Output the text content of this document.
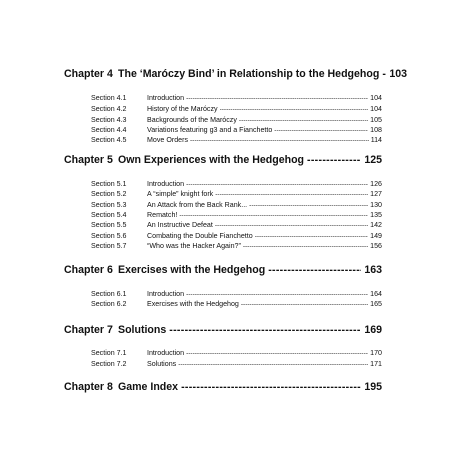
Chapter 4 The ‘Maróczy Bind’ in Relationship to the Hedgehog ----- 103
Section 4.1	Introduction -----	104
Section 4.2	History of the Maróczy -----	104
Section 4.3	Backgrounds of the Maróczy -----	105
Section 4.4	Variations featuring g3 and a Fianchetto -----	108
Section 4.5	Move Orders -----	114
Chapter 5 Own Experiences with the Hedgehog -----	125
Section 5.1	Introduction -----	126
Section 5.2	A “simple” knight fork -----	127
Section 5.3	An Attack from the Back Rank... -----	130
Section 5.4	Rematch! -----	135
Section 5.5	An Instructive Defeat -----	142
Section 5.6	Combating the Double Fianchetto -----	149
Section 5.7	“Who was the Hacker Again?” -----	156
Chapter 6 Exercises with the Hedgehog -----	163
Section 6.1	Introduction -----	164
Section 6.2	Exercises with the Hedgehog -----	165
Chapter 7 Solutions -----	169
Section 7.1	Introduction -----	170
Section 7.2	Solutions -----	171
Chapter 8 Game Index -----	195
